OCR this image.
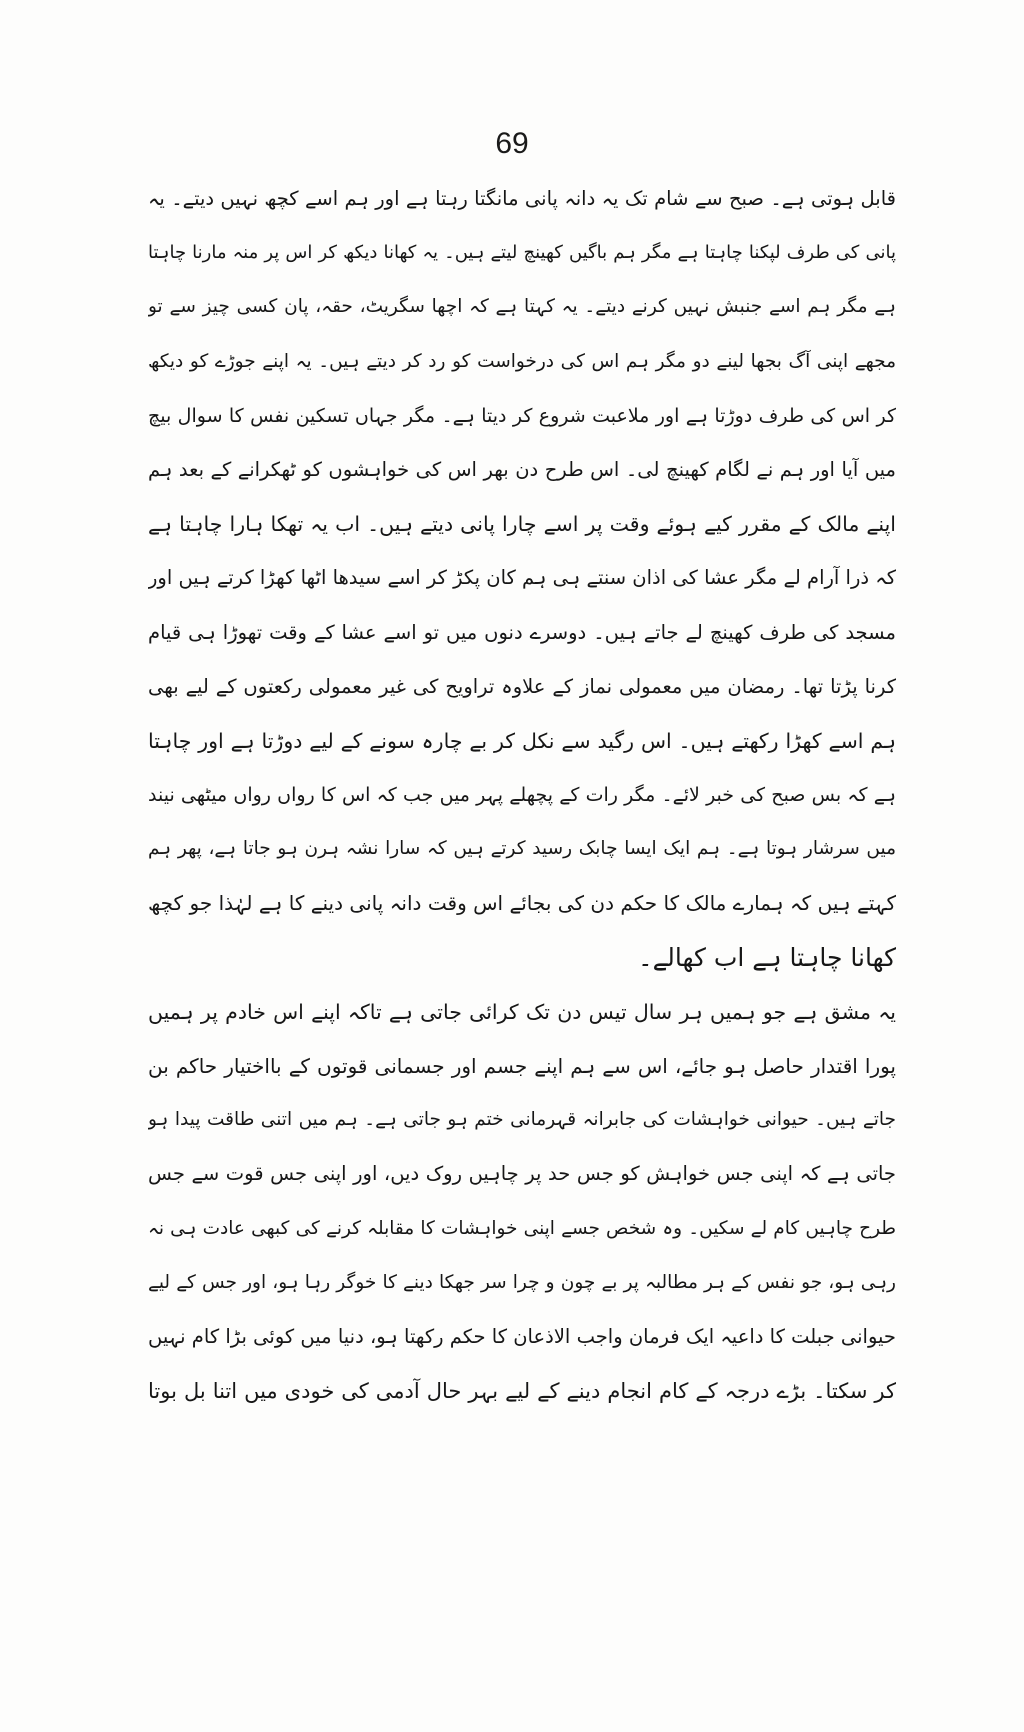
69
قابل ہوتی ہے۔ صبح سے شام تک یہ دانہ پانی مانگتا رہتا ہے اور ہم اسے کچھ نہیں دیتے۔ یہ
پانی کی طرف لپکنا چاہتا ہے مگر ہم باگیں کھینچ لیتے ہیں۔ یہ کھانا دیکھ کر اس پر منہ مارنا چاہتا
ہے مگر ہم اسے جنبش نہیں کرنے دیتے۔ یہ کہتا ہے کہ اچھا سگریٹ، حقہ، پان کسی چیز سے تو
مجھے اپنی آگ بجھا لینے دو مگر ہم اس کی درخواست کو رد کر دیتے ہیں۔ یہ اپنے جوڑے کو دیکھ
کر اس کی طرف دوڑتا ہے اور ملاعبت شروع کر دیتا ہے۔ مگر جہاں تسکین نفس کا سوال بیچ
میں آیا اور ہم نے لگام کھینچ لی۔ اس طرح دن بھر اس کی خواہشوں کو ٹھکرانے کے بعد ہم
اپنے مالک کے مقرر کیے ہوئے وقت پر اسے چارا پانی دیتے ہیں۔ اب یہ تھکا ہارا چاہتا ہے
کہ ذرا آرام لے مگر عشا کی اذان سنتے ہی ہم کان پکڑ کر اسے سیدھا اٹھا کھڑا کرتے ہیں اور
مسجد کی طرف کھینچ لے جاتے ہیں۔ دوسرے دنوں میں تو اسے عشا کے وقت تھوڑا ہی قیام
کرنا پڑتا تھا۔ رمضان میں معمولی نماز کے علاوہ تراویح کی غیر معمولی رکعتوں کے لیے بھی
ہم اسے کھڑا رکھتے ہیں۔ اس رگید سے نکل کر بے چارہ سونے کے لیے دوڑتا ہے اور چاہتا
ہے کہ بس صبح کی خبر لائے۔ مگر رات کے پچھلے پہر میں جب کہ اس کا رواں رواں میٹھی نیند
میں سرشار ہوتا ہے۔ ہم ایک ایسا چابک رسید کرتے ہیں کہ سارا نشہ ہرن ہو جاتا ہے، پھر ہم
کہتے ہیں کہ ہمارے مالک کا حکم دن کی بجائے اس وقت دانہ پانی دینے کا ہے لہٰذا جو کچھ
کھانا چاہتا ہے اب کھالے۔
یہ مشق ہے جو ہمیں ہر سال تیس دن تک کرائی جاتی ہے تاکہ اپنے اس خادم پر ہمیں
پورا اقتدار حاصل ہو جائے، اس سے ہم اپنے جسم اور جسمانی قوتوں کے بااختیار حاکم بن
جاتے ہیں۔ حیوانی خواہشات کی جابرانہ قہرمانی ختم ہو جاتی ہے۔ ہم میں اتنی طاقت پیدا ہو
جاتی ہے کہ اپنی جس خواہش کو جس حد پر چاہیں روک دیں، اور اپنی جس قوت سے جس
طرح چاہیں کام لے سکیں۔ وہ شخص جسے اپنی خواہشات کا مقابلہ کرنے کی کبھی عادت ہی نہ
رہی ہو، جو نفس کے ہر مطالبہ پر بے چون و چرا سر جھکا دینے کا خوگر رہا ہو، اور جس کے لیے
حیوانی جبلت کا داعیہ ایک فرمان واجب الاذعان کا حکم رکھتا ہو، دنیا میں کوئی بڑا کام نہیں
کر سکتا۔ بڑے درجہ کے کام انجام دینے کے لیے بہر حال آدمی کی خودی میں اتنا بل بوتا
